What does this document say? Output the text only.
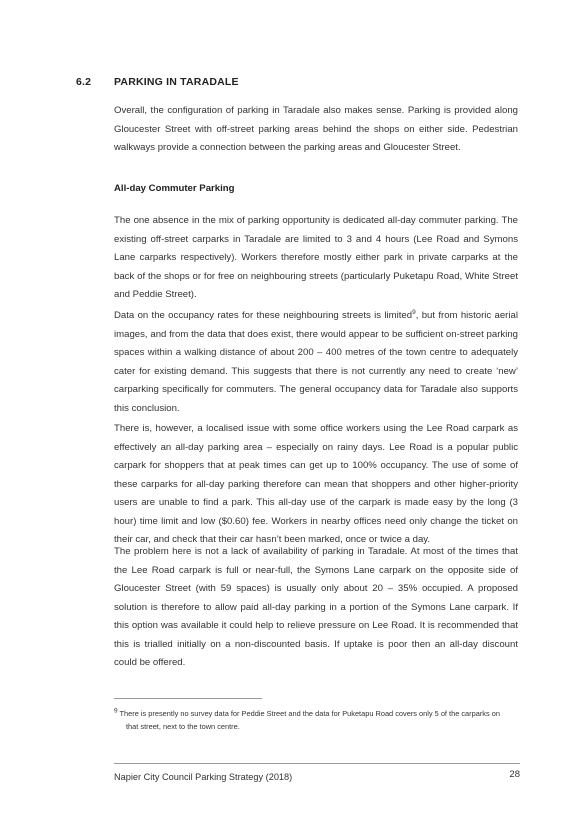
6.2 PARKING IN TARADALE
Overall, the configuration of parking in Taradale also makes sense. Parking is provided along Gloucester Street with off-street parking areas behind the shops on either side. Pedestrian walkways provide a connection between the parking areas and Gloucester Street.
All-day Commuter Parking
The one absence in the mix of parking opportunity is dedicated all-day commuter parking. The existing off-street carparks in Taradale are limited to 3 and 4 hours (Lee Road and Symons Lane carparks respectively). Workers therefore mostly either park in private carparks at the back of the shops or for free on neighbouring streets (particularly Puketapu Road, White Street and Peddie Street).
Data on the occupancy rates for these neighbouring streets is limited$^9$, but from historic aerial images, and from the data that does exist, there would appear to be sufficient on-street parking spaces within a walking distance of about 200 – 400 metres of the town centre to adequately cater for existing demand. This suggests that there is not currently any need to create ‘new’ carparking specifically for commuters. The general occupancy data for Taradale also supports this conclusion.
There is, however, a localised issue with some office workers using the Lee Road carpark as effectively an all-day parking area – especially on rainy days. Lee Road is a popular public carpark for shoppers that at peak times can get up to 100% occupancy. The use of some of these carparks for all-day parking therefore can mean that shoppers and other higher-priority users are unable to find a park. This all-day use of the carpark is made easy by the long (3 hour) time limit and low ($0.60) fee. Workers in nearby offices need only change the ticket on their car, and check that their car hasn’t been marked, once or twice a day.
The problem here is not a lack of availability of parking in Taradale. At most of the times that the Lee Road carpark is full or near-full, the Symons Lane carpark on the opposite side of Gloucester Street (with 59 spaces) is usually only about 20 – 35% occupied. A proposed solution is therefore to allow paid all-day parking in a portion of the Symons Lane carpark. If this option was available it could help to relieve pressure on Lee Road. It is recommended that this is trialled initially on a non-discounted basis. If uptake is poor then an all-day discount could be offered.
$^9$ There is presently no survey data for Peddie Street and the data for Puketapu Road covers only 5 of the carparks on that street, next to the town centre.
Napier City Council Parking Strategy (2018)	28
